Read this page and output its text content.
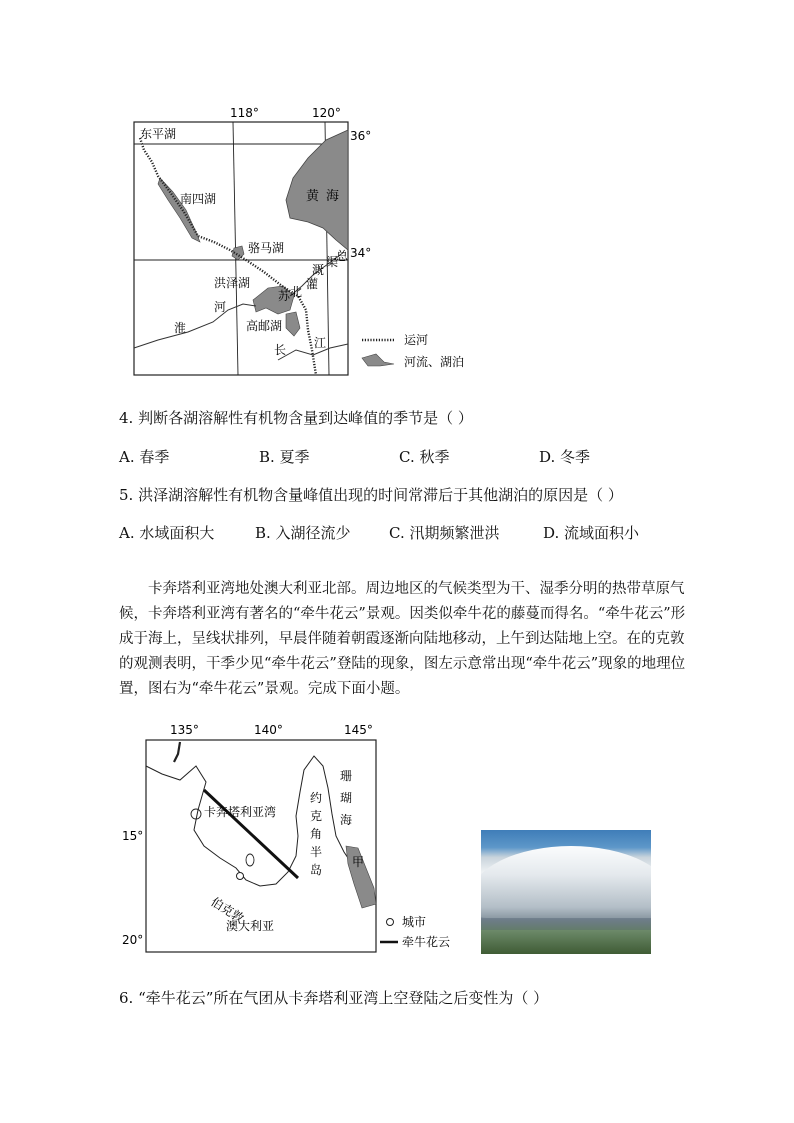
118°	120°
36°
34°
东平湖
南四湖
骆马湖
洪泽湖
高邮湖
黄 海
河
淮
长 江
溉
灌
总
渠
苏 北
运河
河流、湖泊
4. 判断各湖溶解性有机物含量到达峰值的季节是（ ）
A. 春季	B. 夏季	C. 秋季	D. 冬季
5. 洪泽湖溶解性有机物含量峰值出现的时间常滞后于其他湖泊的原因是（ ）
A. 水域面积大	B. 入湖径流少	C. 汛期频繁泄洪	D. 流域面积小
卡奔塔利亚湾地处澳大利亚北部。周边地区的气候类型为干、湿季分明的热带草原气候，卡奔塔利亚湾有著名的“牵牛花云”景观。因类似牵牛花的藤蔓而得名。“牵牛花云”形成于海上，呈线状排列，早晨伴随着朝霞逐渐向陆地移动，上午到达陆地上空。在的克敦的观测表明，干季少见“牵牛花云”登陆的现象，图左示意常出现“牵牛花云”现象的地理位置，图右为“牵牛花云”景观。完成下面小题。
135°	140°	145°
15°
20°
卡奔塔利亚湾
伯克敦
澳大利亚
约
克
角
半
岛
珊
瑚
海
甲
城市
牵牛花云
6. “牵牛花云”所在气团从卡奔塔利亚湾上空登陆之后变性为（ ）
